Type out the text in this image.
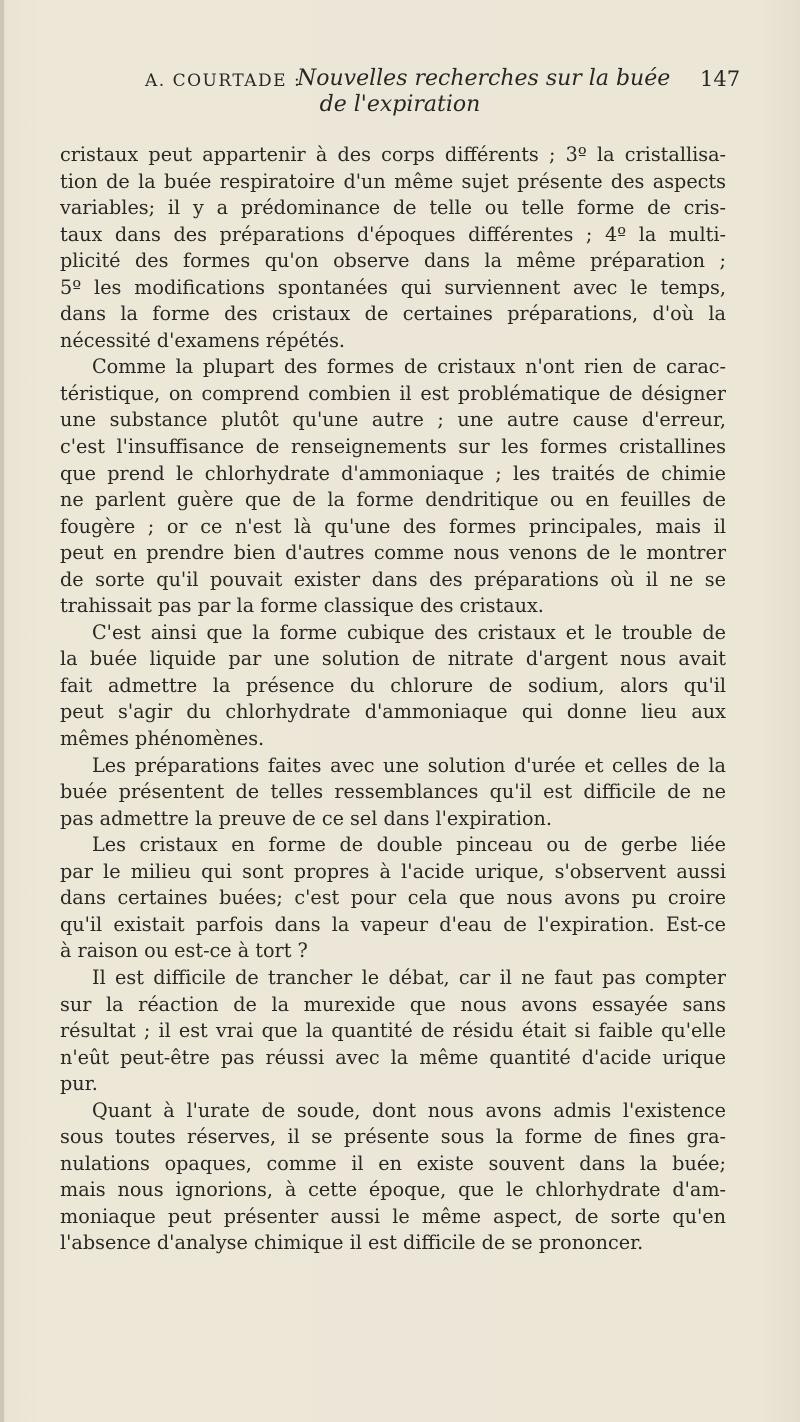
A. COURTADE :
Nouvelles recherches sur la buée 147
de l'expiration
cristaux peut appartenir à des corps différents ; 3º la cristallisa-
tion de la buée respiratoire d'un même sujet présente des aspects
variables; il y a prédominance de telle ou telle forme de cris-
taux dans des préparations d'époques différentes ; 4º la multi-
plicité des formes qu'on observe dans la même préparation ;
5º les modifications spontanées qui surviennent avec le temps,
dans la forme des cristaux de certaines préparations, d'où la
nécessité d'examens répétés.
Comme la plupart des formes de cristaux n'ont rien de carac-
téristique, on comprend combien il est problématique de désigner
une substance plutôt qu'une autre ; une autre cause d'erreur,
c'est l'insuffisance de renseignements sur les formes cristallines
que prend le chlorhydrate d'ammoniaque ; les traités de chimie
ne parlent guère que de la forme dendritique ou en feuilles de
fougère ; or ce n'est là qu'une des formes principales, mais il
peut en prendre bien d'autres comme nous venons de le montrer
de sorte qu'il pouvait exister dans des préparations où il ne se
trahissait pas par la forme classique des cristaux.
C'est ainsi que la forme cubique des cristaux et le trouble de
la buée liquide par une solution de nitrate d'argent nous avait
fait admettre la présence du chlorure de sodium, alors qu'il
peut s'agir du chlorhydrate d'ammoniaque qui donne lieu aux
mêmes phénomènes.
Les préparations faites avec une solution d'urée et celles de la
buée présentent de telles ressemblances qu'il est difficile de ne
pas admettre la preuve de ce sel dans l'expiration.
Les cristaux en forme de double pinceau ou de gerbe liée
par le milieu qui sont propres à l'acide urique, s'observent aussi
dans certaines buées; c'est pour cela que nous avons pu croire
qu'il existait parfois dans la vapeur d'eau de l'expiration. Est-ce
à raison ou est-ce à tort ?
Il est difficile de trancher le débat, car il ne faut pas compter
sur la réaction de la murexide que nous avons essayée sans
résultat ; il est vrai que la quantité de résidu était si faible qu'elle
n'eût peut-être pas réussi avec la même quantité d'acide urique
pur.
Quant à l'urate de soude, dont nous avons admis l'existence
sous toutes réserves, il se présente sous la forme de fines gra-
nulations opaques, comme il en existe souvent dans la buée;
mais nous ignorions, à cette époque, que le chlorhydrate d'am-
moniaque peut présenter aussi le même aspect, de sorte qu'en
l'absence d'analyse chimique il est difficile de se prononcer.
